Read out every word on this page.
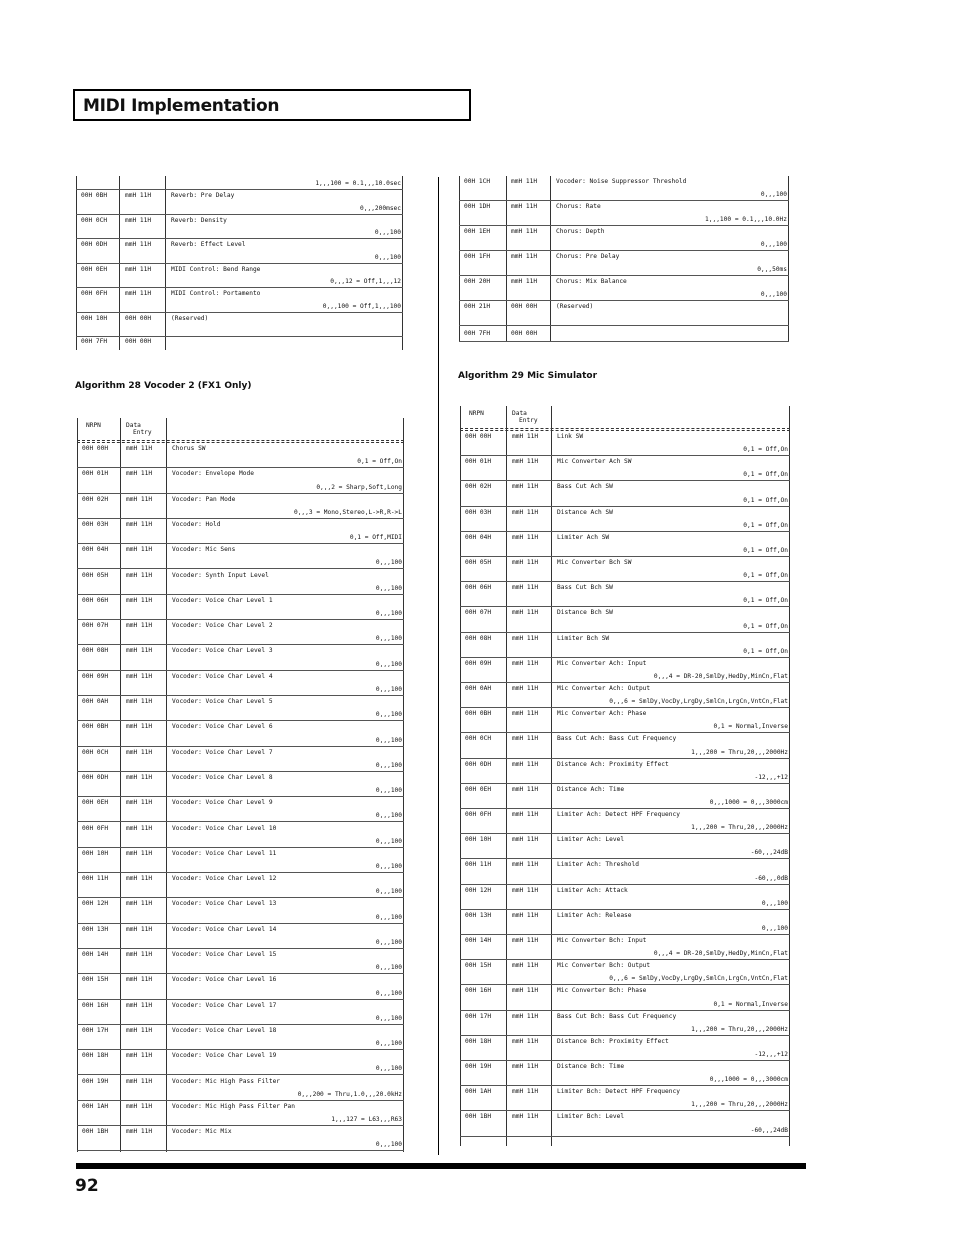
MIDI Implementation
1,,,100 = 0.1,,,10.0sec
00H 0BH	mmH 11H	Reverb: Pre Delay
0,,,200msec
00H 0CH	mmH 11H	Reverb: Density
0,,,100
00H 0DH	mmH 11H	Reverb: Effect Level
0,,,100
00H 0EH	mmH 11H	MIDI Control: Bend Range
0,,,12 = Off,1,,,12
00H 0FH	mmH 11H	MIDI Control: Portamento
0,,,100 = Off,1,,,100
00H 10H	00H 00H	(Reserved)
00H 7FH	00H 00H
00H 1CH	mmH 11H	Vocoder: Noise Suppressor Threshold
0,,,100
00H 1DH	mmH 11H	Chorus: Rate
1,,,100 = 0.1,,,10.0Hz
00H 1EH	mmH 11H	Chorus: Depth
0,,,100
00H 1FH	mmH 11H	Chorus: Pre Delay
0,,,50ms
00H 20H	mmH 11H	Chorus: Mix Balance
0,,,100
00H 21H	00H 00H	(Reserved)
00H 7FH	00H 00H
Algorithm 28 Vocoder 2 (FX1 Only)
Algorithm 29 Mic Simulator
NRPN	Data
Entry
00H 00H	mmH 11H	Chorus SW
0,1 = Off,On
00H 01H	mmH 11H	Vocoder: Envelope Mode
0,,,2 = Sharp,Soft,Long
00H 02H	mmH 11H	Vocoder: Pan Mode
0,,,3 = Mono,Stereo,L->R,R->L
00H 03H	mmH 11H	Vocoder: Hold
0,1 = Off,MIDI
00H 04H	mmH 11H	Vocoder: Mic Sens
0,,,100
00H 05H	mmH 11H	Vocoder: Synth Input Level
0,,,100
00H 06H	mmH 11H	Vocoder: Voice Char Level 1
0,,,100
00H 07H	mmH 11H	Vocoder: Voice Char Level 2
0,,,100
00H 08H	mmH 11H	Vocoder: Voice Char Level 3
0,,,100
00H 09H	mmH 11H	Vocoder: Voice Char Level 4
0,,,100
00H 0AH	mmH 11H	Vocoder: Voice Char Level 5
0,,,100
00H 0BH	mmH 11H	Vocoder: Voice Char Level 6
0,,,100
00H 0CH	mmH 11H	Vocoder: Voice Char Level 7
0,,,100
00H 0DH	mmH 11H	Vocoder: Voice Char Level 8
0,,,100
00H 0EH	mmH 11H	Vocoder: Voice Char Level 9
0,,,100
00H 0FH	mmH 11H	Vocoder: Voice Char Level 10
0,,,100
00H 10H	mmH 11H	Vocoder: Voice Char Level 11
0,,,100
00H 11H	mmH 11H	Vocoder: Voice Char Level 12
0,,,100
00H 12H	mmH 11H	Vocoder: Voice Char Level 13
0,,,100
00H 13H	mmH 11H	Vocoder: Voice Char Level 14
0,,,100
00H 14H	mmH 11H	Vocoder: Voice Char Level 15
0,,,100
00H 15H	mmH 11H	Vocoder: Voice Char Level 16
0,,,100
00H 16H	mmH 11H	Vocoder: Voice Char Level 17
0,,,100
00H 17H	mmH 11H	Vocoder: Voice Char Level 18
0,,,100
00H 18H	mmH 11H	Vocoder: Voice Char Level 19
0,,,100
00H 19H	mmH 11H	Vocoder: Mic High Pass Filter
0,,,200 = Thru,1.0,,,20.0kHz
00H 1AH	mmH 11H	Vocoder: Mic High Pass Filter Pan
1,,,127 = L63,,,R63
00H 1BH	mmH 11H	Vocoder: Mic Mix
0,,,100
NRPN	Data
Entry
00H 00H	mmH 11H	Link SW
0,1 = Off,On
00H 01H	mmH 11H	Mic Converter Ach SW
0,1 = Off,On
00H 02H	mmH 11H	Bass Cut Ach SW
0,1 = Off,On
00H 03H	mmH 11H	Distance Ach SW
0,1 = Off,On
00H 04H	mmH 11H	Limiter Ach SW
0,1 = Off,On
00H 05H	mmH 11H	Mic Converter Bch SW
0,1 = Off,On
00H 06H	mmH 11H	Bass Cut Bch SW
0,1 = Off,On
00H 07H	mmH 11H	Distance Bch SW
0,1 = Off,On
00H 08H	mmH 11H	Limiter Bch SW
0,1 = Off,On
00H 09H	mmH 11H	Mic Converter Ach: Input
0,,,4 = DR-20,SmlDy,HedDy,MinCn,Flat
00H 0AH	mmH 11H	Mic Converter Ach: Output
0,,,6 = SmlDy,VocDy,LrgDy,SmlCn,LrgCn,VntCn,Flat
00H 0BH	mmH 11H	Mic Converter Ach: Phase
0,1 = Normal,Inverse
00H 0CH	mmH 11H	Bass Cut Ach: Bass Cut Frequency
1,,,200 = Thru,20,,,2000Hz
00H 0DH	mmH 11H	Distance Ach: Proximity Effect
-12,,,+12
00H 0EH	mmH 11H	Distance Ach: Time
0,,,1000 = 0,,,3000cm
00H 0FH	mmH 11H	Limiter Ach: Detect HPF Frequency
1,,,200 = Thru,20,,,2000Hz
00H 10H	mmH 11H	Limiter Ach: Level
-60,,,24dB
00H 11H	mmH 11H	Limiter Ach: Threshold
-60,,,0dB
00H 12H	mmH 11H	Limiter Ach: Attack
0,,,100
00H 13H	mmH 11H	Limiter Ach: Release
0,,,100
00H 14H	mmH 11H	Mic Converter Bch: Input
0,,,4 = DR-20,SmlDy,HedDy,MinCn,Flat
00H 15H	mmH 11H	Mic Converter Bch: Output
0,,,6 = SmlDy,VocDy,LrgDy,SmlCn,LrgCn,VntCn,Flat
00H 16H	mmH 11H	Mic Converter Bch: Phase
0,1 = Normal,Inverse
00H 17H	mmH 11H	Bass Cut Bch: Bass Cut Frequency
1,,,200 = Thru,20,,,2000Hz
00H 18H	mmH 11H	Distance Bch: Proximity Effect
-12,,,+12
00H 19H	mmH 11H	Distance Bch: Time
0,,,1000 = 0,,,3000cm
00H 1AH	mmH 11H	Limiter Bch: Detect HPF Frequency
1,,,200 = Thru,20,,,2000Hz
00H 1BH	mmH 11H	Limiter Bch: Level
-60,,,24dB
92
